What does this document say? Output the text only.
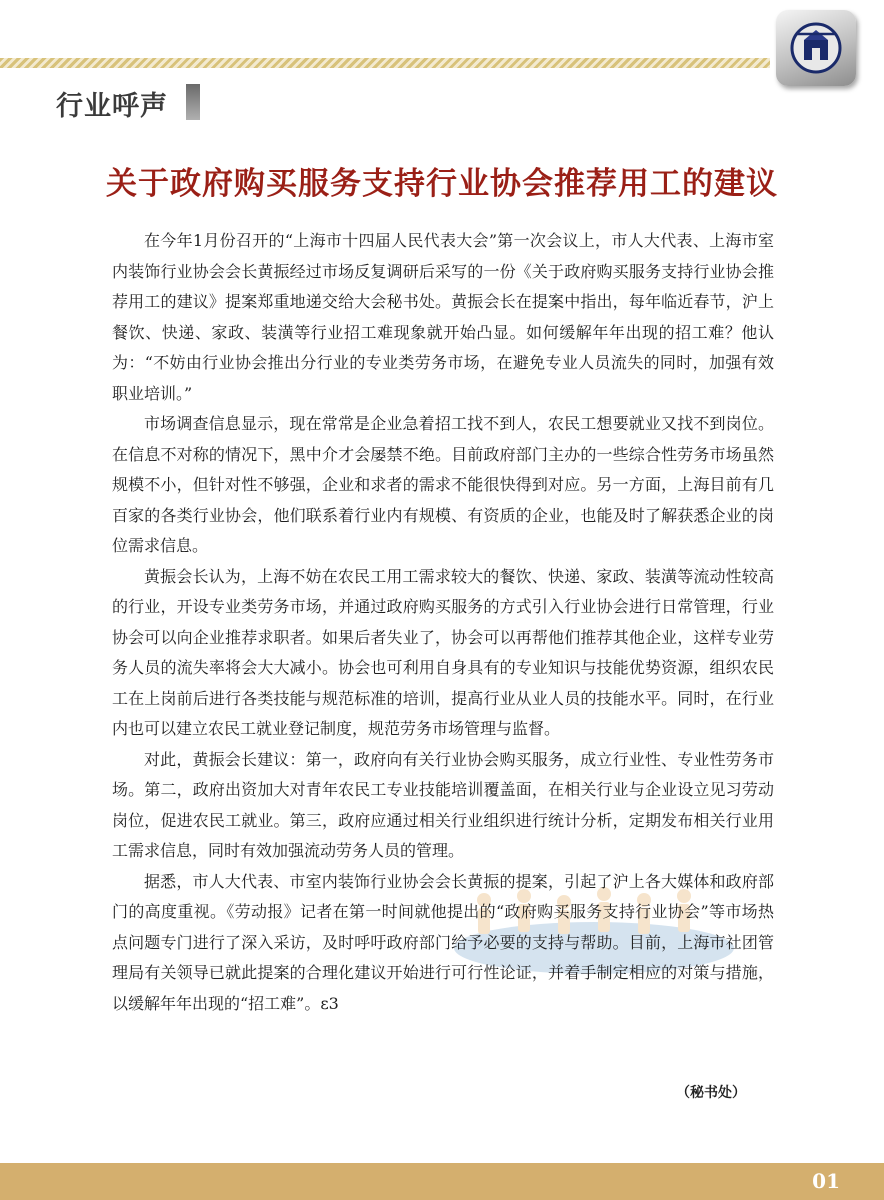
行业呼声
关于政府购买服务支持行业协会推荐用工的建议

在今年1月份召开的“上海市十四届人民代表大会”第一次会议上，市人大代表、上海市室内装饰行业协会会长黄振经过市场反复调研后采写的一份《关于政府购买服务支持行业协会推荐用工的建议》提案郑重地递交给大会秘书处。黄振会长在提案中指出，每年临近春节，沪上餐饮、快递、家政、装潢等行业招工难现象就开始凸显。如何缓解年年出现的招工难？他认为：“不妨由行业协会推出分行业的专业类劳务市场，在避免专业人员流失的同时，加强有效职业培训。”

市场调查信息显示，现在常常是企业急着招工找不到人，农民工想要就业又找不到岗位。在信息不对称的情况下，黑中介才会屡禁不绝。目前政府部门主办的一些综合性劳务市场虽然规模不小，但针对性不够强，企业和求者的需求不能很快得到对应。另一方面，上海目前有几百家的各类行业协会，他们联系着行业内有规模、有资质的企业，也能及时了解获悉企业的岗位需求信息。

黄振会长认为，上海不妨在农民工用工需求较大的餐饮、快递、家政、装潢等流动性较高的行业，开设专业类劳务市场，并通过政府购买服务的方式引入行业协会进行日常管理，行业协会可以向企业推荐求职者。如果后者失业了，协会可以再帮他们推荐其他企业，这样专业劳务人员的流失率将会大大减小。协会也可利用自身具有的专业知识与技能优势资源，组织农民工在上岗前后进行各类技能与规范标准的培训，提高行业从业人员的技能水平。同时，在行业内也可以建立农民工就业登记制度，规范劳务市场管理与监督。

对此，黄振会长建议：第一，政府向有关行业协会购买服务，成立行业性、专业性劳务市场。第二，政府出资加大对青年农民工专业技能培训覆盖面，在相关行业与企业设立见习劳动岗位，促进农民工就业。第三，政府应通过相关行业组织进行统计分析，定期发布相关行业用工需求信息，同时有效加强流动劳务人员的管理。

据悉，市人大代表、市室内装饰行业协会会长黄振的提案，引起了沪上各大媒体和政府部门的高度重视。《劳动报》记者在第一时间就他提出的“政府购买服务支持行业协会”等市场热点问题专门进行了深入采访，及时呼吁政府部门给予必要的支持与帮助。目前，上海市社团管理局有关领导已就此提案的合理化建议开始进行可行性论证，并着手制定相应的对策与措施，以缓解年年出现的“招工难”。ε3

（秘书处）
01
